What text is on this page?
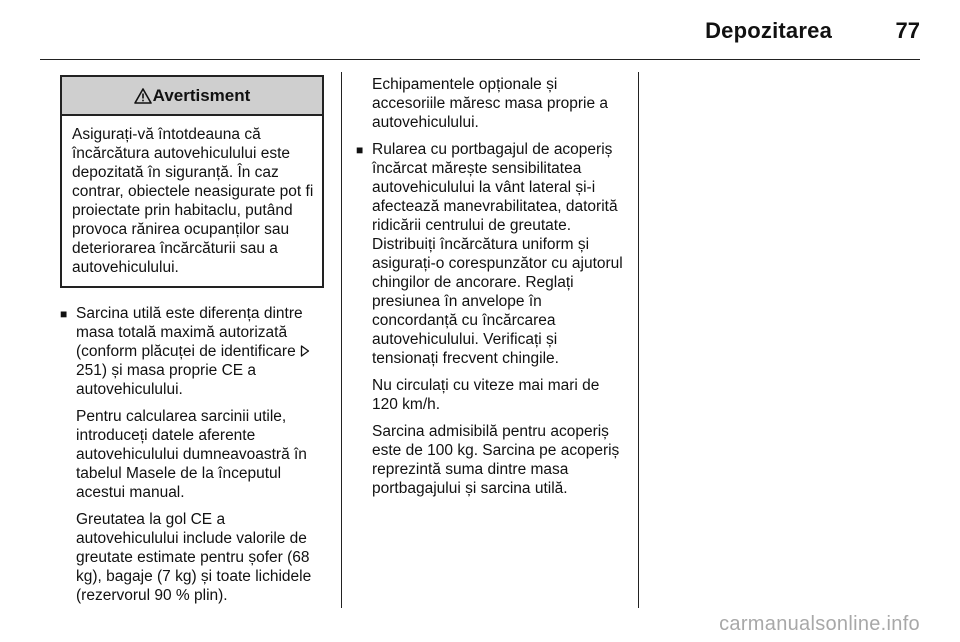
Depozitarea	77
Avertisment
Asigurați-vă întotdeauna că încărcătura autovehiculului este depozitată în siguranță. În caz contrar, obiectele neasigurate pot fi proiectate prin habitaclu, putând provoca rănirea ocupanților sau deteriorarea încărcăturii sau a autovehiculului.
■ Sarcina utilă este diferența dintre masa totală maximă autorizată (conform plăcuței de identificare  251) și masa proprie CE a autovehiculului.

Pentru calcularea sarcinii utile, introduceți datele aferente autovehiculului dumneavoastră în tabelul Masele de la începutul acestui manual.

Greutatea la gol CE a autovehiculului include valorile de greutate estimate pentru șofer (68 kg), bagaje (7 kg) și toate lichidele (rezervorul 90 % plin).

Echipamentele opționale și accesoriile măresc masa proprie a autovehiculului.

■ Rularea cu portbagajul de acoperiș încărcat mărește sensibilitatea autovehiculului la vânt lateral și-i afectează manevrabilitatea, datorită ridicării centrului de greutate. Distribuiți încărcătura uniform și asigurați-o corespunzător cu ajutorul chingilor de ancorare. Reglați presiunea în anvelope în concordanță cu încărcarea autovehiculului. Verificați și tensionați frecvent chingile.

Nu circulați cu viteze mai mari de 120 km/h.

Sarcina admisibilă pentru acoperiș este de 100 kg. Sarcina pe acoperiș reprezintă suma dintre masa portbagajului și sarcina utilă.

carmanualsonline.info
